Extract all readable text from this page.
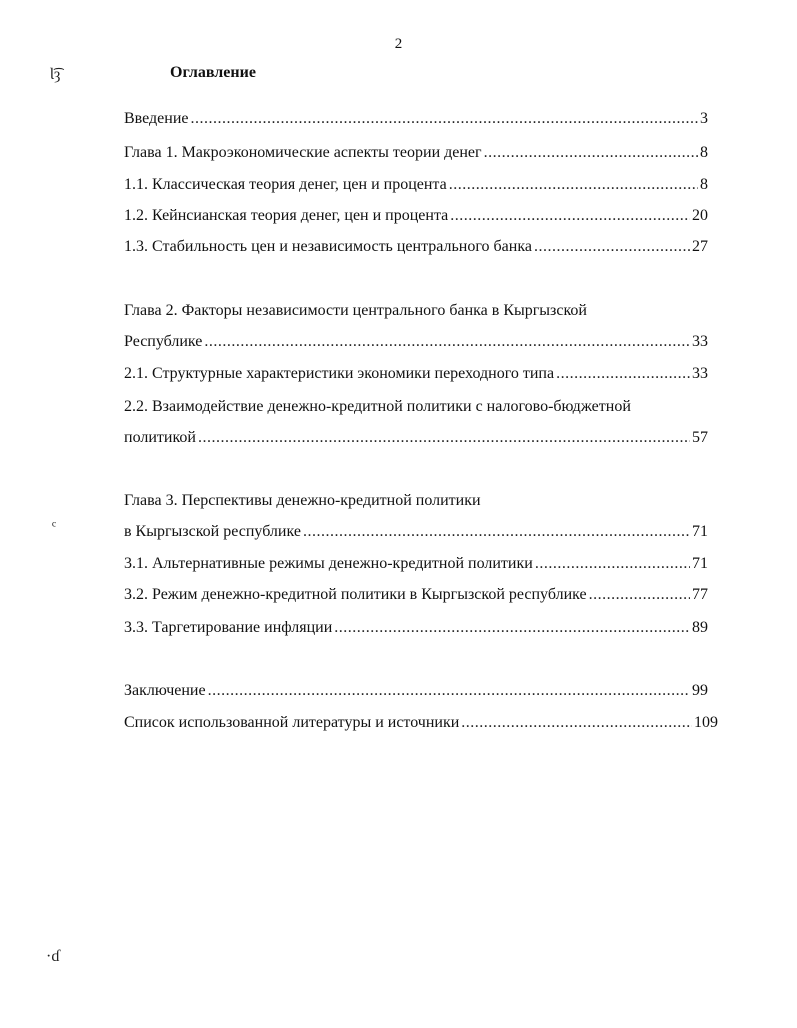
2
Ɩ͡ȝ
ᶜ
·ɗ
Оглавление
Введение .....	3
Глава 1. Макроэкономические аспекты теории денег .....	8
1.1. Классическая теория денег, цен и процента .....	8
1.2. Кейнсианская теория денег, цен и процента .....	20
1.3. Стабильность цен и независимость центрального банка .....	27
Глава 2. Факторы независимости центрального банка в Кыргызской
Республике .....	33
2.1. Структурные характеристики экономики переходного типа .....	33
2.2. Взаимодействие денежно-кредитной политики с налогово-бюджетной
политикой .....	57
Глава 3. Перспективы денежно-кредитной политики
в Кыргызской республике .....	71
3.1. Альтернативные режимы денежно-кредитной политики .....	71
3.2. Режим денежно-кредитной политики в Кыргызской республике .....	77
3.3. Таргетирование инфляции .....	89
Заключение .....	99
Список использованной литературы и источники .....	109
